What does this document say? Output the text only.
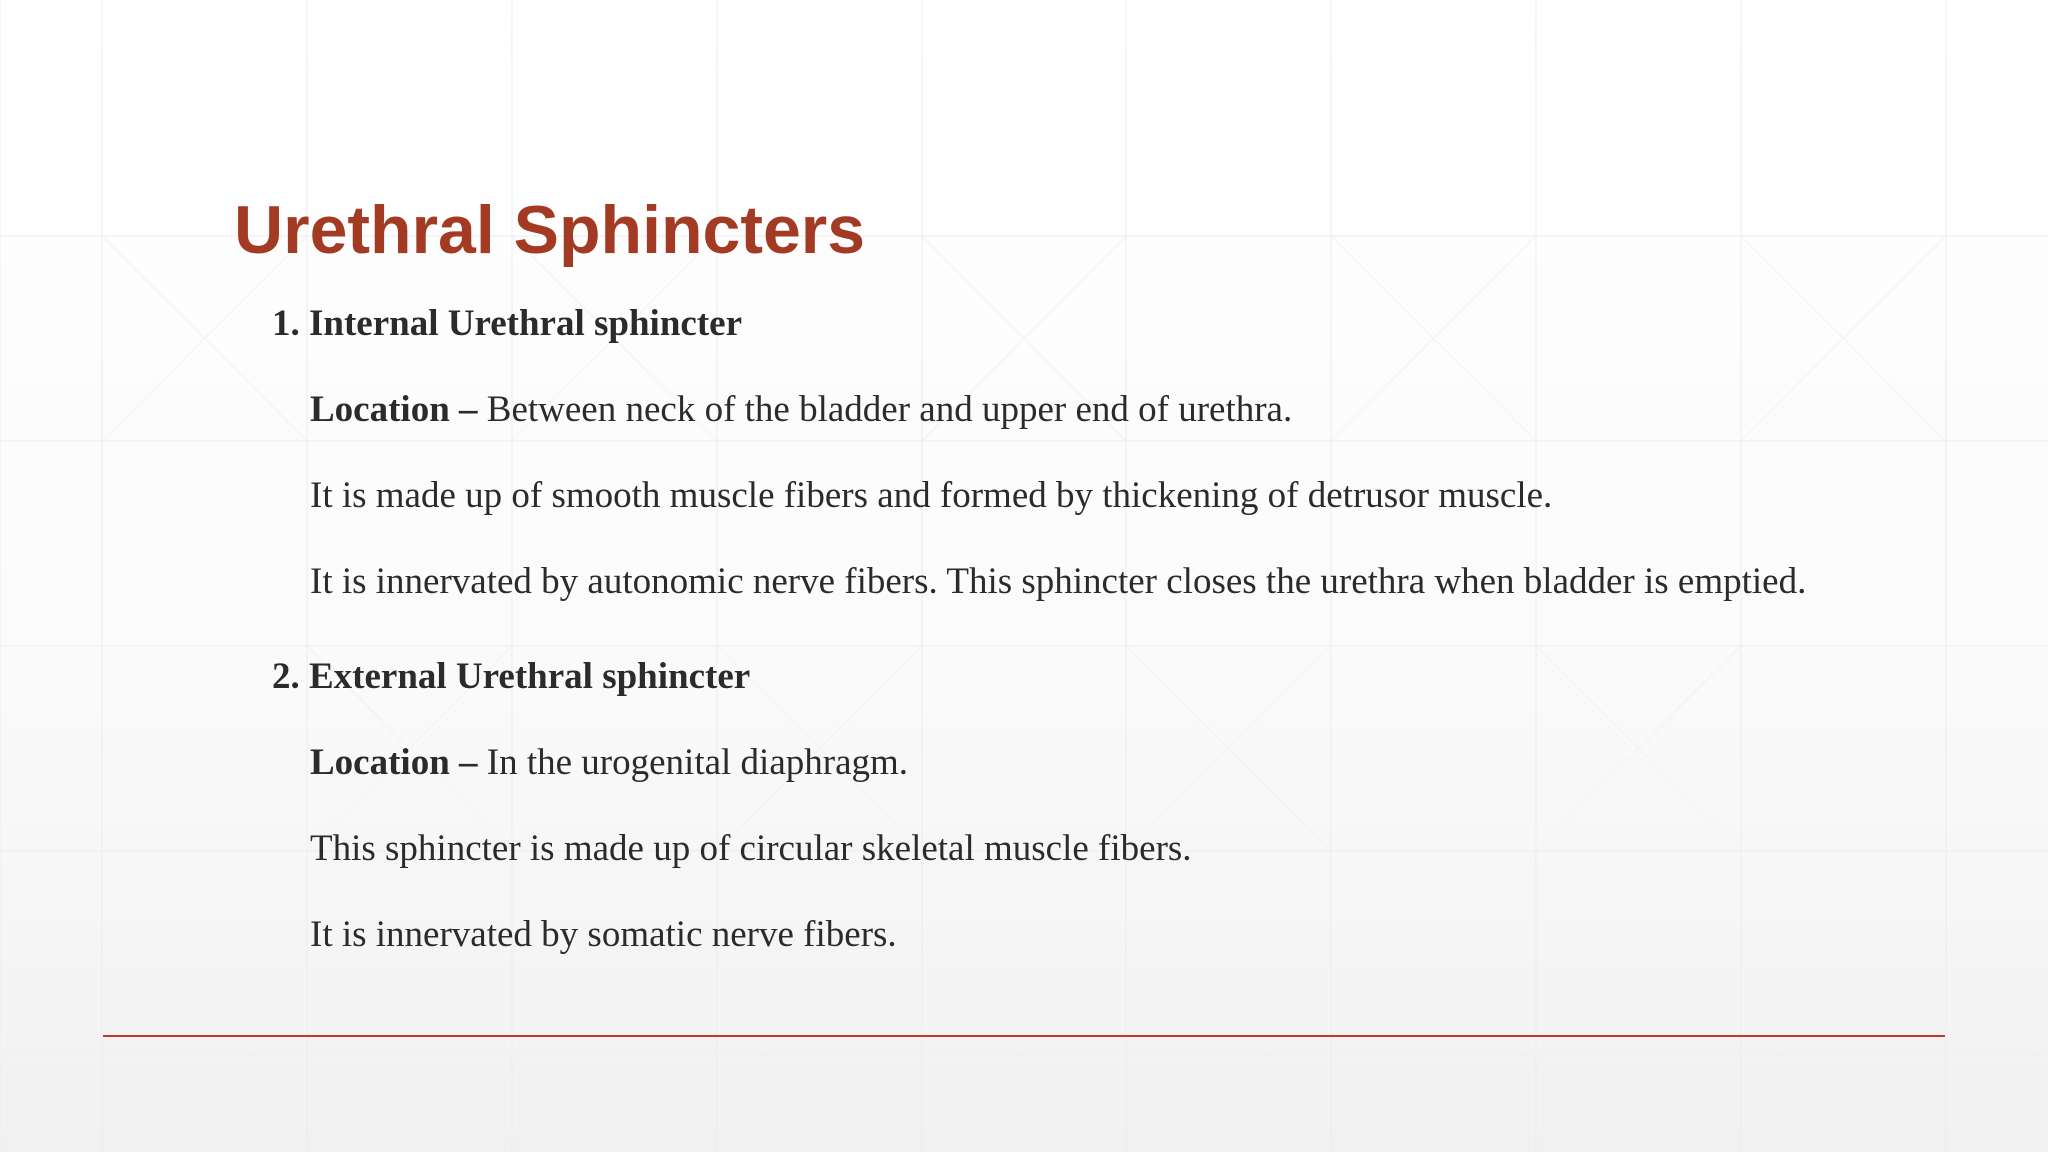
Urethral Sphincters
1. Internal Urethral sphincter
Location – Between neck of the bladder and upper end of urethra.
It is made up of smooth muscle fibers and formed by thickening of detrusor muscle.
It is innervated by autonomic nerve fibers. This sphincter closes the urethra when bladder is emptied.
2. External Urethral sphincter
Location – In the urogenital diaphragm.
This sphincter is made up of circular skeletal muscle fibers.
It is innervated by somatic nerve fibers.
